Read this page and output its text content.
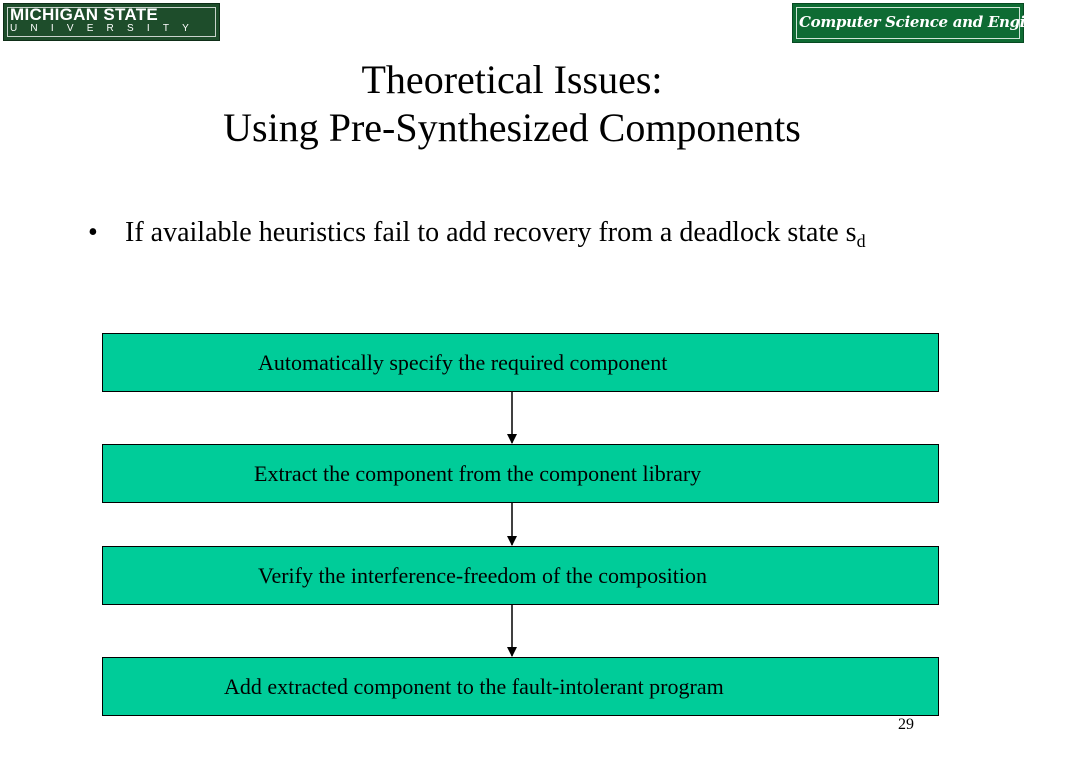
MICHIGAN STATE
UNIVERSITY	Computer Science and Engineering
Theoretical Issues:
Using Pre-Synthesized Components
• If available heuristics fail to add recovery from a deadlock state $s_d$
Automatically specify the required component
Extract the component from the component library
Verify the interference-freedom of the composition
Add extracted component to the fault-intolerant program
29
